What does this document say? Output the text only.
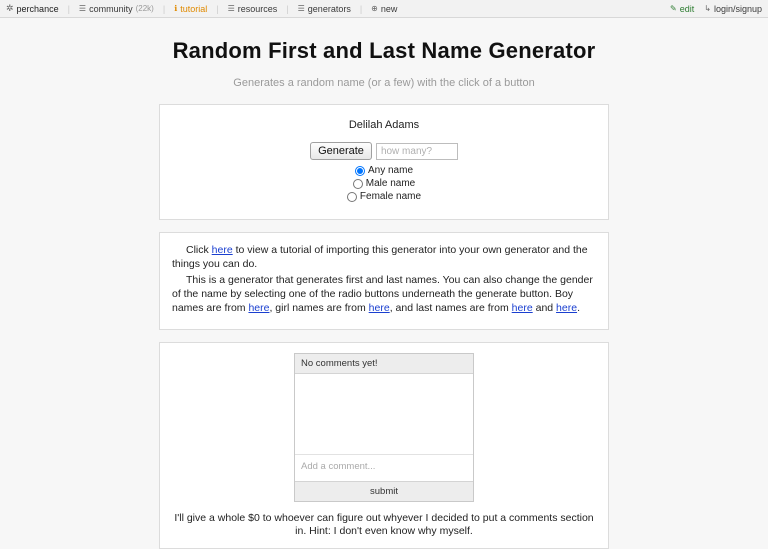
✲ perchance | ☰ community (22k) | ℹ tutorial | ☰ resources | ☰ generators | ⊕ new	✎ edit ↳ login/signup
Random First and Last Name Generator

Generates a random name (or a few) with the click of a button

Delilah Adams
Generate
how many?
Any name
Male name
Female name

Click here to view a tutorial of importing this generator into your own generator and the things you can do.

This is a generator that generates first and last names. You can also change the gender of the name by selecting one of the radio buttons underneath the generate button. Boy names are from here, girl names are from here, and last names are from here and here.

No comments yet!
Add a comment...
submit
I'll give a whole $0 to whoever can figure out whyever I decided to put a comments section in. Hint: I don't even know why myself.
